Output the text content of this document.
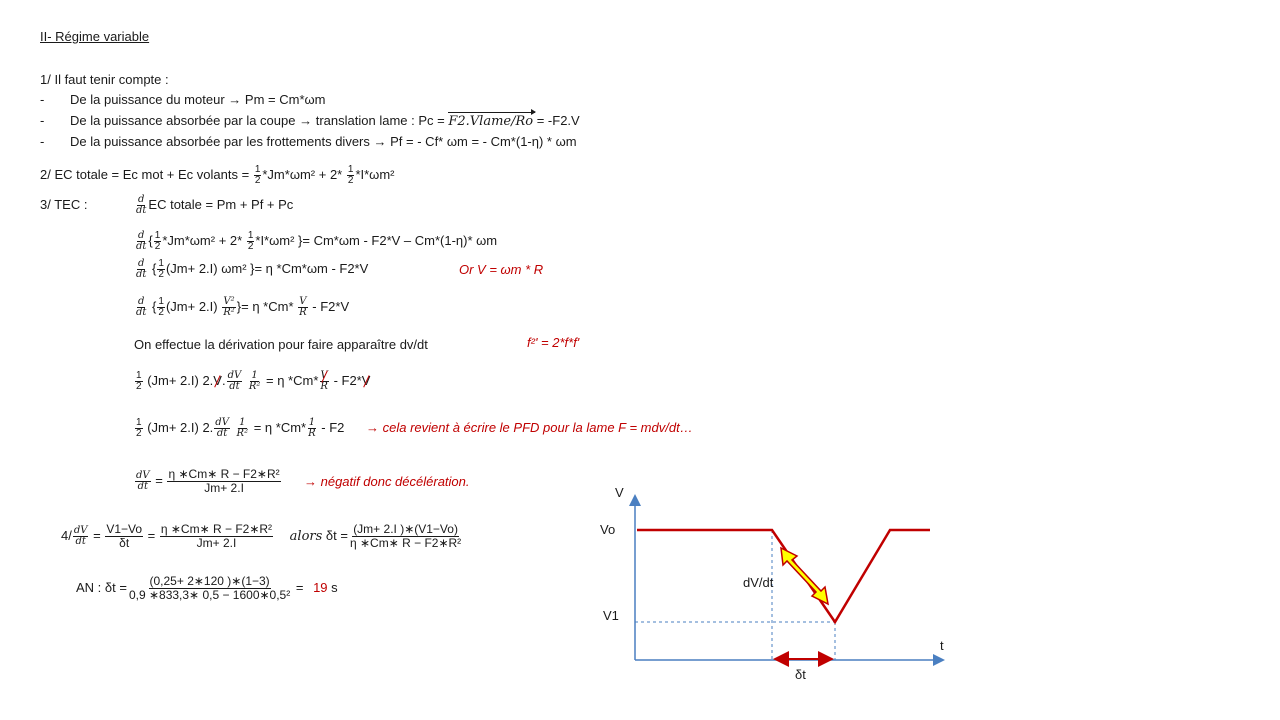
II- Régime variable
1/ Il faut tenir compte :
- De la puissance du moteur → Pm = Cm*ωm
- De la puissance absorbée par la coupe → translation lame : Pc = F2.Vlame/Ro = -F2.V
- De la puissance absorbée par les frottements divers → Pf = - Cf* ωm = - Cm*(1-η) * ωm
2/ EC totale = Ec mot + Ec volants = $\frac{1}{2} *Jm*\omega m^2 + 2* \frac{1}{2} *I*\omega m^2$
3/ TEC :	$\frac{d}{dt}$ EC totale = Pm + Pf + Pc
$\frac{d}{dt}$ { $\frac{1}{2} *Jm*\omega m^2 + 2* \frac{1}{2} *I*\omega m^2$ }= Cm*ωm - F2*V – Cm*(1-η)* ωm
$\frac{d}{dt}$ { $\frac{1}{2} (Jm+ 2.I)$ ωm² }= η *Cm*ωm - F2*V	Or V = ωm * R
$\frac{d}{dt}$ { $\frac{1}{2} (Jm+ 2.I) \frac{\text{V²}}{\text{R²}}$ }= η $*Cm* \frac{V}{R} - F2*V$
On effectue la dérivation pour faire apparaître dv/dt	f²' = 2*f*f'
$\frac{1}{2} (Jm+ 2.I)$ 2.V. $\frac{dV}{dt}$
$\frac{1}{\text{R²}} = \eta$ $*Cm* \frac{V}{R} - F2*V$
$\frac{1}{2} (Jm+ 2.I)$ 2. $\frac{dV}{dt}$
$\frac{1}{\text{R²}} = \eta$ $*Cm* \frac{1}{R} - F2$ → cela revient à écrire le PFD pour la lame F = mdv/dt…
$\frac{dV}{dt} = \frac{\text{η ∗Cm∗ R − F2∗R²}}{Jm+ 2.I}$ → négatif donc décélération.
$4/ \frac{dV}{dt} = \frac{V1-Vo}{\delta t} = \frac{\text{η ∗Cm∗ R − F2∗R²}}{Jm+ 2.I}$ alors $\delta t = \frac{(Jm+ 2.I )∗(V1-Vo)}{\text{η ∗Cm∗ R − F2∗R²}}$
AN : $\delta t = \frac{(0,25+ 2∗120 )∗(1-3)}{\text{0,9 ∗833,3∗ 0,5 − 1600∗0,5²}} = 19$ s
V
t
Vo
V1
dV/dt
δt
